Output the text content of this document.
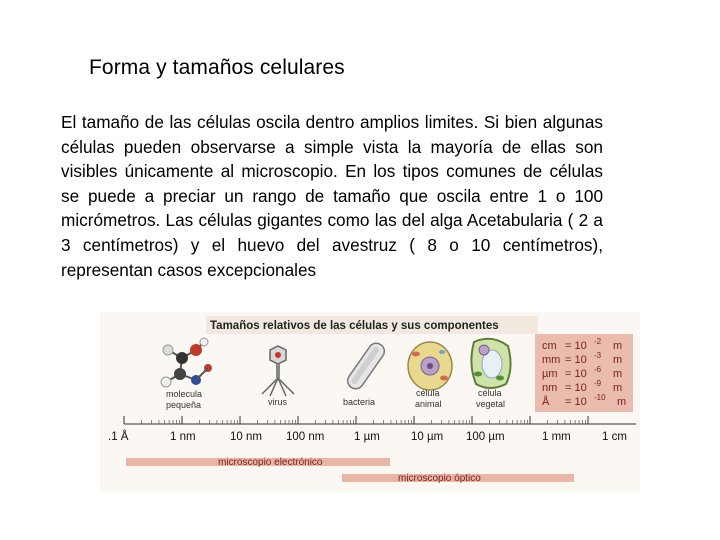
Forma y tamaños celulares

El tamaño de las células oscila dentro amplios limites. Si bien algunas células pueden observarse a simple vista la mayoría de ellas son visibles únicamente al microscopio. En los tipos comunes de células se puede a preciar un rango de tamaño que oscila entre 1 o 100 micrómetros. Las células gigantes como las del alga Acetabularia ( 2 a 3 centímetros) y el huevo del avestruz ( 8 o 10 centímetros), representan casos excepcionales

Tamaños relativos de las células y sus componentes
cm = 10 -2 m
mm = 10 -3 m
µm = 10 -6 m
nm = 10 -9 m
Å = 10 -10 m
molecula
pequeña	virus	bacteria
célula
animal
célula
vegetal
.1 Å	1 nm	10 nm 100 nm	1 µm	10 µm 100 µm	1 mm	1 cm
microscopio electrónico
microscopio óptico
